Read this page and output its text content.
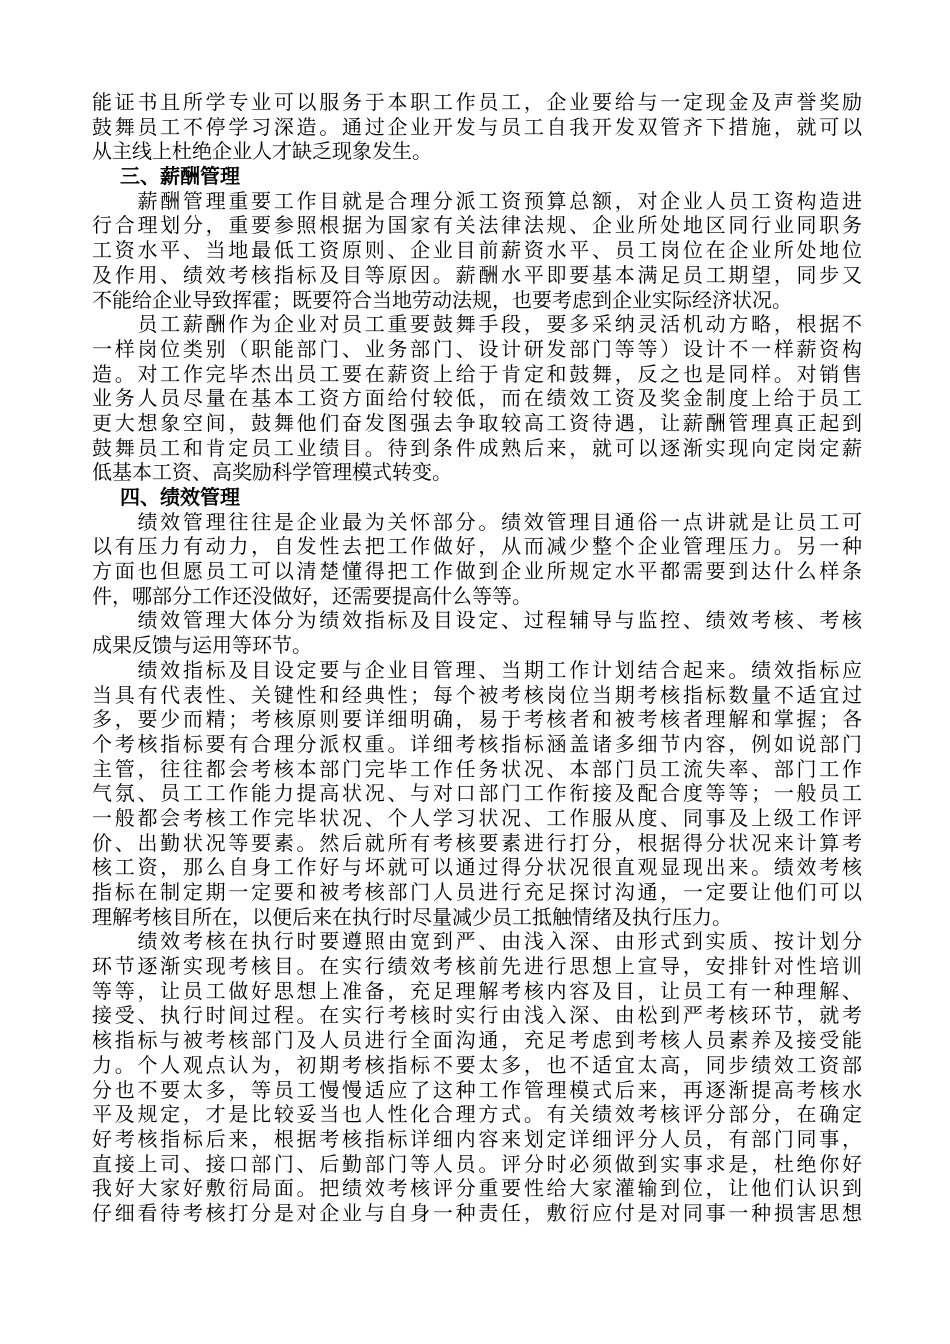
能证书且所学专业可以服务于本职工作员工，企业要给与一定现金及声誉奖励
鼓舞员工不停学习深造。通过企业开发与员工自我开发双管齐下措施，就可以
从主线上杜绝企业人才缺乏现象发生。
三、薪酬管理
　　薪酬管理重要工作目就是合理分派工资预算总额，对企业人员工资构造进
行合理划分，重要参照根据为国家有关法律法规、企业所处地区同行业同职务
工资水平、当地最低工资原则、企业目前薪资水平、员工岗位在企业所处地位
及作用、绩效考核指标及目等原因。薪酬水平即要基本满足员工期望，同步又
不能给企业导致挥霍；既要符合当地劳动法规，也要考虑到企业实际经济状况。
　　员工薪酬作为企业对员工重要鼓舞手段，要多采纳灵活机动方略，根据不
一样岗位类别（职能部门、业务部门、设计研发部门等等）设计不一样薪资构
造。对工作完毕杰出员工要在薪资上给于肯定和鼓舞，反之也是同样。对销售
业务人员尽量在基本工资方面给付较低，而在绩效工资及奖金制度上给于员工
更大想象空间，鼓舞他们奋发图强去争取较高工资待遇，让薪酬管理真正起到
鼓舞员工和肯定员工业绩目。待到条件成熟后来，就可以逐渐实现向定岗定薪
低基本工资、高奖励科学管理模式转变。
四、绩效管理
　　绩效管理往往是企业最为关怀部分。绩效管理目通俗一点讲就是让员工可
以有压力有动力，自发性去把工作做好，从而减少整个企业管理压力。另一种
方面也但愿员工可以清楚懂得把工作做到企业所规定水平都需要到达什么样条
件，哪部分工作还没做好，还需要提高什么等等。
　　绩效管理大体分为绩效指标及目设定、过程辅导与监控、绩效考核、考核
成果反馈与运用等环节。
　　绩效指标及目设定要与企业目管理、当期工作计划结合起来。绩效指标应
当具有代表性、关键性和经典性；每个被考核岗位当期考核指标数量不适宜过
多，要少而精；考核原则要详细明确，易于考核者和被考核者理解和掌握；各
个考核指标要有合理分派权重。详细考核指标涵盖诸多细节内容，例如说部门
主管，往往都会考核本部门完毕工作任务状况、本部门员工流失率、部门工作
气氛、员工工作能力提高状况、与对口部门工作衔接及配合度等等；一般员工
一般都会考核工作完毕状况、个人学习状况、工作服从度、同事及上级工作评
价、出勤状况等要素。然后就所有考核要素进行打分，根据得分状况来计算考
核工资，那么自身工作好与坏就可以通过得分状况很直观显现出来。绩效考核
指标在制定期一定要和被考核部门人员进行充足探讨沟通，一定要让他们可以
理解考核目所在，以便后来在执行时尽量减少员工抵触情绪及执行压力。
　　绩效考核在执行时要遵照由宽到严、由浅入深、由形式到实质、按计划分
环节逐渐实现考核目。在实行绩效考核前先进行思想上宣导，安排针对性培训
等等，让员工做好思想上准备，充足理解考核内容及目，让员工有一种理解、
接受、执行时间过程。在实行考核时实行由浅入深、由松到严考核环节，就考
核指标与被考核部门及人员进行全面沟通，充足考虑到考核人员素养及接受能
力。个人观点认为，初期考核指标不要太多，也不适宜太高，同步绩效工资部
分也不要太多，等员工慢慢适应了这种工作管理模式后来，再逐渐提高考核水
平及规定，才是比较妥当也人性化合理方式。有关绩效考核评分部分，在确定
好考核指标后来，根据考核指标详细内容来划定详细评分人员，有部门同事，
直接上司、接口部门、后勤部门等人员。评分时必须做到实事求是，杜绝你好
我好大家好敷衍局面。把绩效考核评分重要性给大家灌输到位，让他们认识到
仔细看待考核打分是对企业与自身一种责任，敷衍应付是对同事一种损害思想
